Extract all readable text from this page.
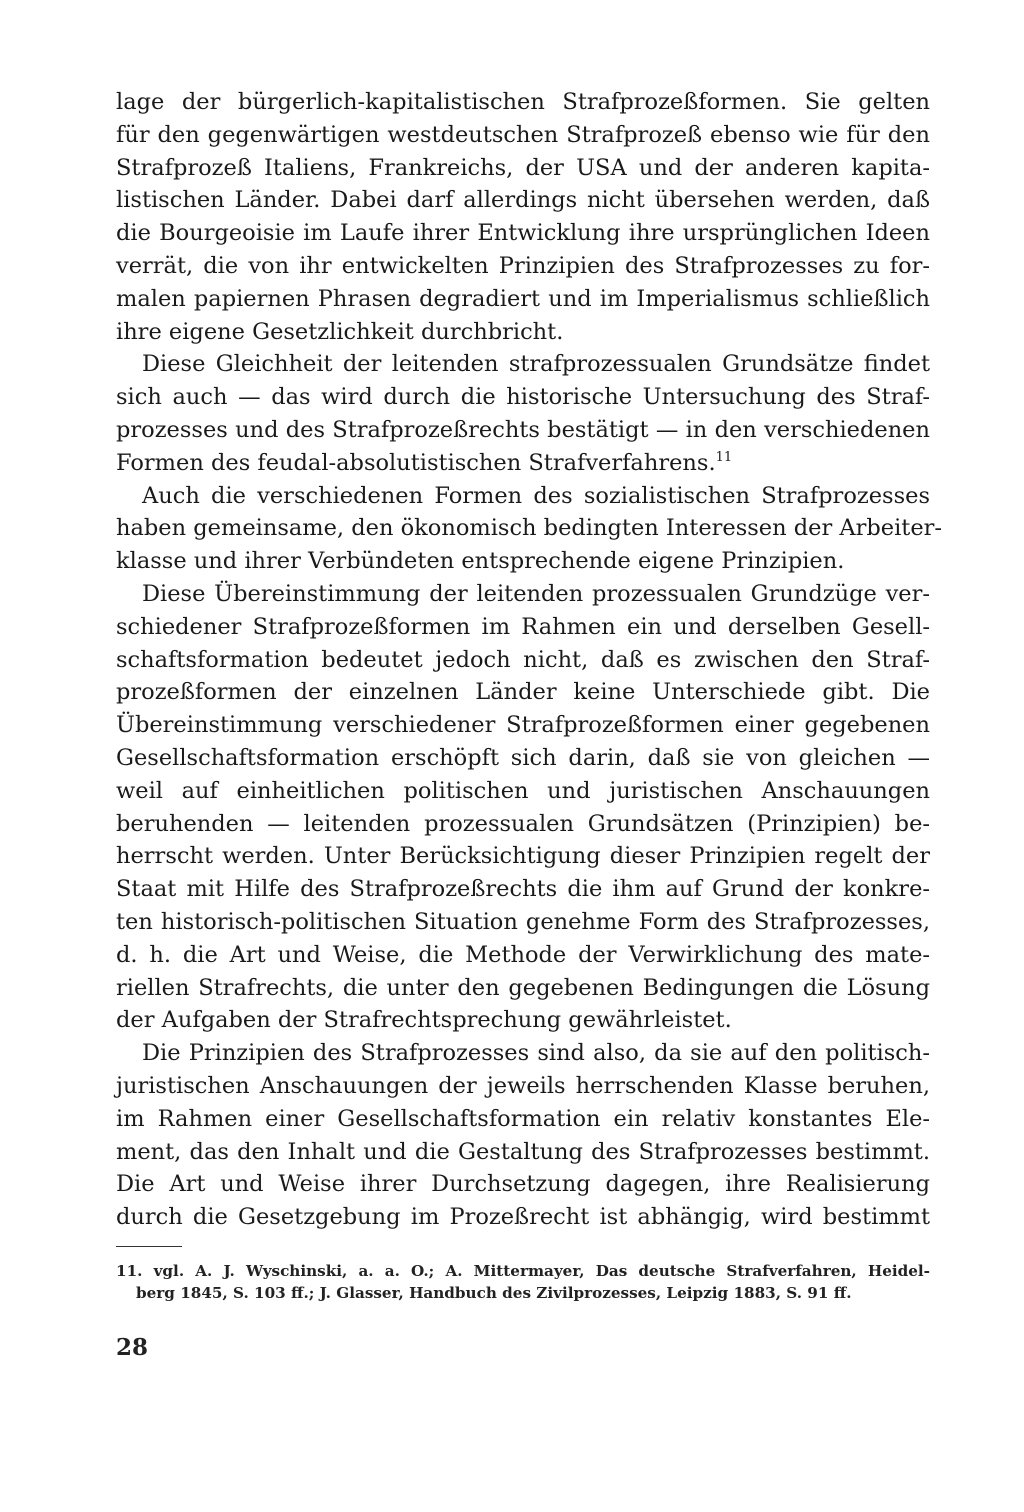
lage der bürgerlich-kapitalistischen Strafprozeßformen. Sie gelten
für den gegenwärtigen westdeutschen Strafprozeß ebenso wie für den
Strafprozeß Italiens, Frankreichs, der USA und der anderen kapita-
listischen Länder. Dabei darf allerdings nicht übersehen werden, daß
die Bourgeoisie im Laufe ihrer Entwicklung ihre ursprünglichen Ideen
verrät, die von ihr entwickelten Prinzipien des Strafprozesses zu for-
malen papiernen Phrasen degradiert und im Imperialismus schließlich
ihre eigene Gesetzlichkeit durchbricht.
Diese Gleichheit der leitenden strafprozessualen Grundsätze findet
sich auch — das wird durch die historische Untersuchung des Straf-
prozesses und des Strafprozeßrechts bestätigt — in den verschiedenen
Formen des feudal-absolutistischen Strafverfahrens.$^{11}$
Auch die verschiedenen Formen des sozialistischen Strafprozesses
haben gemeinsame, den ökonomisch bedingten Interessen der Arbeiter-
klasse und ihrer Verbündeten entsprechende eigene Prinzipien.
Diese Übereinstimmung der leitenden prozessualen Grundzüge ver-
schiedener Strafprozeßformen im Rahmen ein und derselben Gesell-
schaftsformation bedeutet jedoch nicht, daß es zwischen den Straf-
prozeßformen der einzelnen Länder keine Unterschiede gibt. Die
Übereinstimmung verschiedener Strafprozeßformen einer gegebenen
Gesellschaftsformation erschöpft sich darin, daß sie von gleichen —
weil auf einheitlichen politischen und juristischen Anschauungen
beruhenden — leitenden prozessualen Grundsätzen (Prinzipien) be-
herrscht werden. Unter Berücksichtigung dieser Prinzipien regelt der
Staat mit Hilfe des Strafprozeßrechts die ihm auf Grund der konkre-
ten historisch-politischen Situation genehme Form des Strafprozesses,
d. h. die Art und Weise, die Methode der Verwirklichung des mate-
riellen Strafrechts, die unter den gegebenen Bedingungen die Lösung
der Aufgaben der Strafrechtsprechung gewährleistet.
Die Prinzipien des Strafprozesses sind also, da sie auf den politisch-
juristischen Anschauungen der jeweils herrschenden Klasse beruhen,
im Rahmen einer Gesellschaftsformation ein relativ konstantes Ele-
ment, das den Inhalt und die Gestaltung des Strafprozesses bestimmt.
Die Art und Weise ihrer Durchsetzung dagegen, ihre Realisierung
durch die Gesetzgebung im Prozeßrecht ist abhängig, wird bestimmt
11. vgl. A. J. Wyschinski, a. a. O.; A. Mittermayer, Das deutsche Strafverfahren, Heidel-
berg 1845, S. 103 ff.; J. Glasser, Handbuch des Zivilprozesses, Leipzig 1883, S. 91 ff.
28
